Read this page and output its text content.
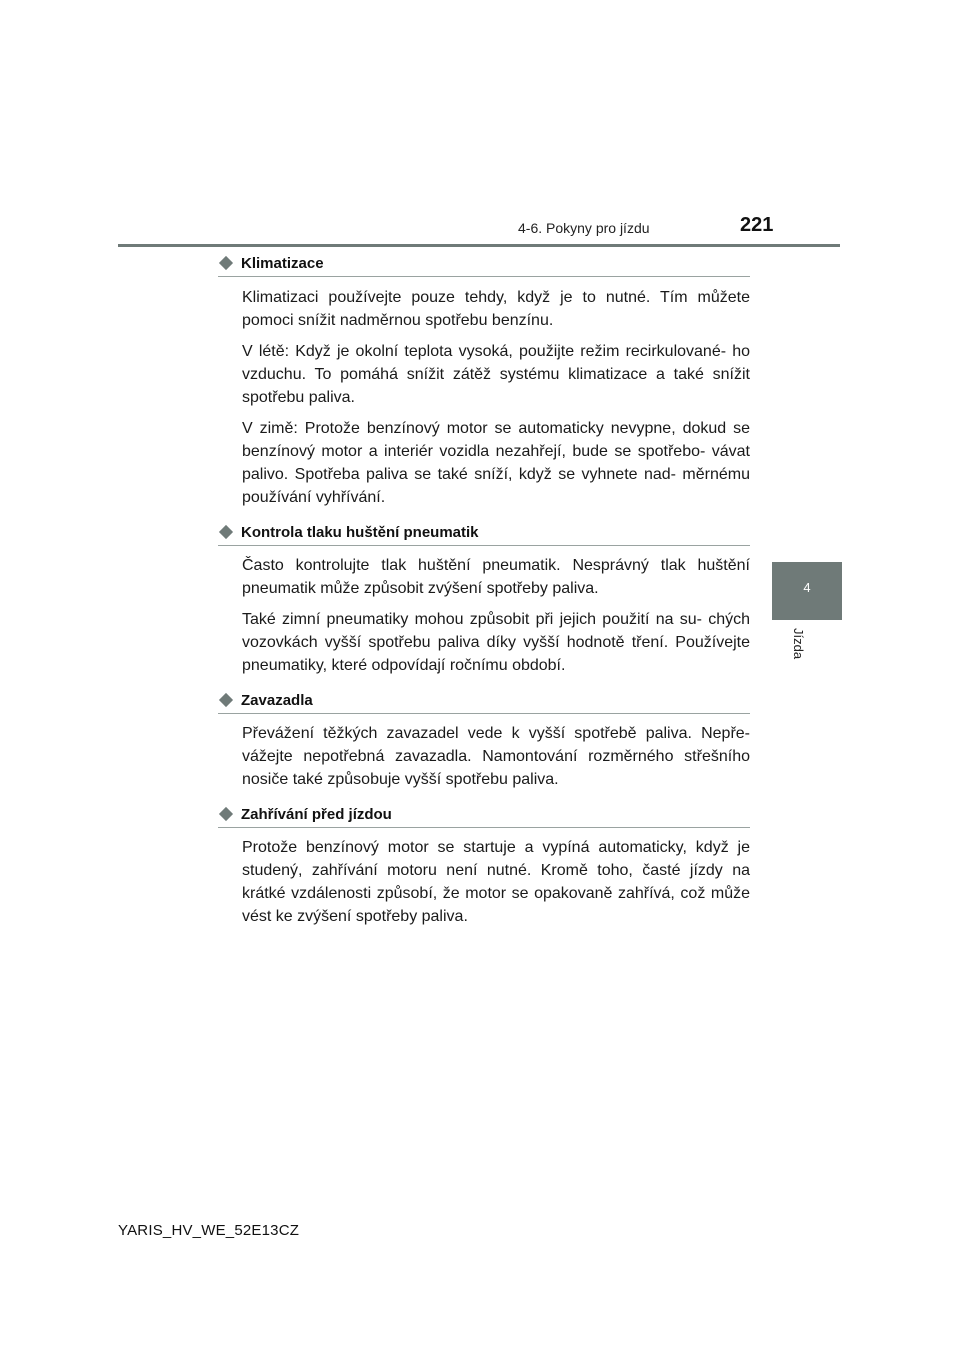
4-6. Pokyny pro jízdu	221
4
Jízda
Klimatizace

Klimatizaci používejte pouze tehdy, když je to nutné. Tím můžete pomoci snížit nadměrnou spotřebu benzínu.

V létě: Když je okolní teplota vysoká, použijte režim recirkulované- ho vzduchu. To pomáhá snížit zátěž systému klimatizace a také snížit spotřebu paliva.

V zimě: Protože benzínový motor se automaticky nevypne, dokud se benzínový motor a interiér vozidla nezahřejí, bude se spotřebo- vávat palivo. Spotřeba paliva se také sníží, když se vyhnete nad- měrnému používání vyhřívání.

Kontrola tlaku huštění pneumatik

Často kontrolujte tlak huštění pneumatik. Nesprávný tlak huštění pneumatik může způsobit zvýšení spotřeby paliva.

Také zimní pneumatiky mohou způsobit při jejich použití na su- chých vozovkách vyšší spotřebu paliva díky vyšší hodnotě tření. Používejte pneumatiky, které odpovídají ročnímu období.

Zavazadla

Převážení těžkých zavazadel vede k vyšší spotřebě paliva. Nepře- vážejte nepotřebná zavazadla. Namontování rozměrného střešního nosiče také způsobuje vyšší spotřebu paliva.

Zahřívání před jízdou

Protože benzínový motor se startuje a vypíná automaticky, když je studený, zahřívání motoru není nutné. Kromě toho, časté jízdy na krátké vzdálenosti způsobí, že motor se opakovaně zahřívá, což může vést ke zvýšení spotřeby paliva.

YARIS_HV_WE_52E13CZ
